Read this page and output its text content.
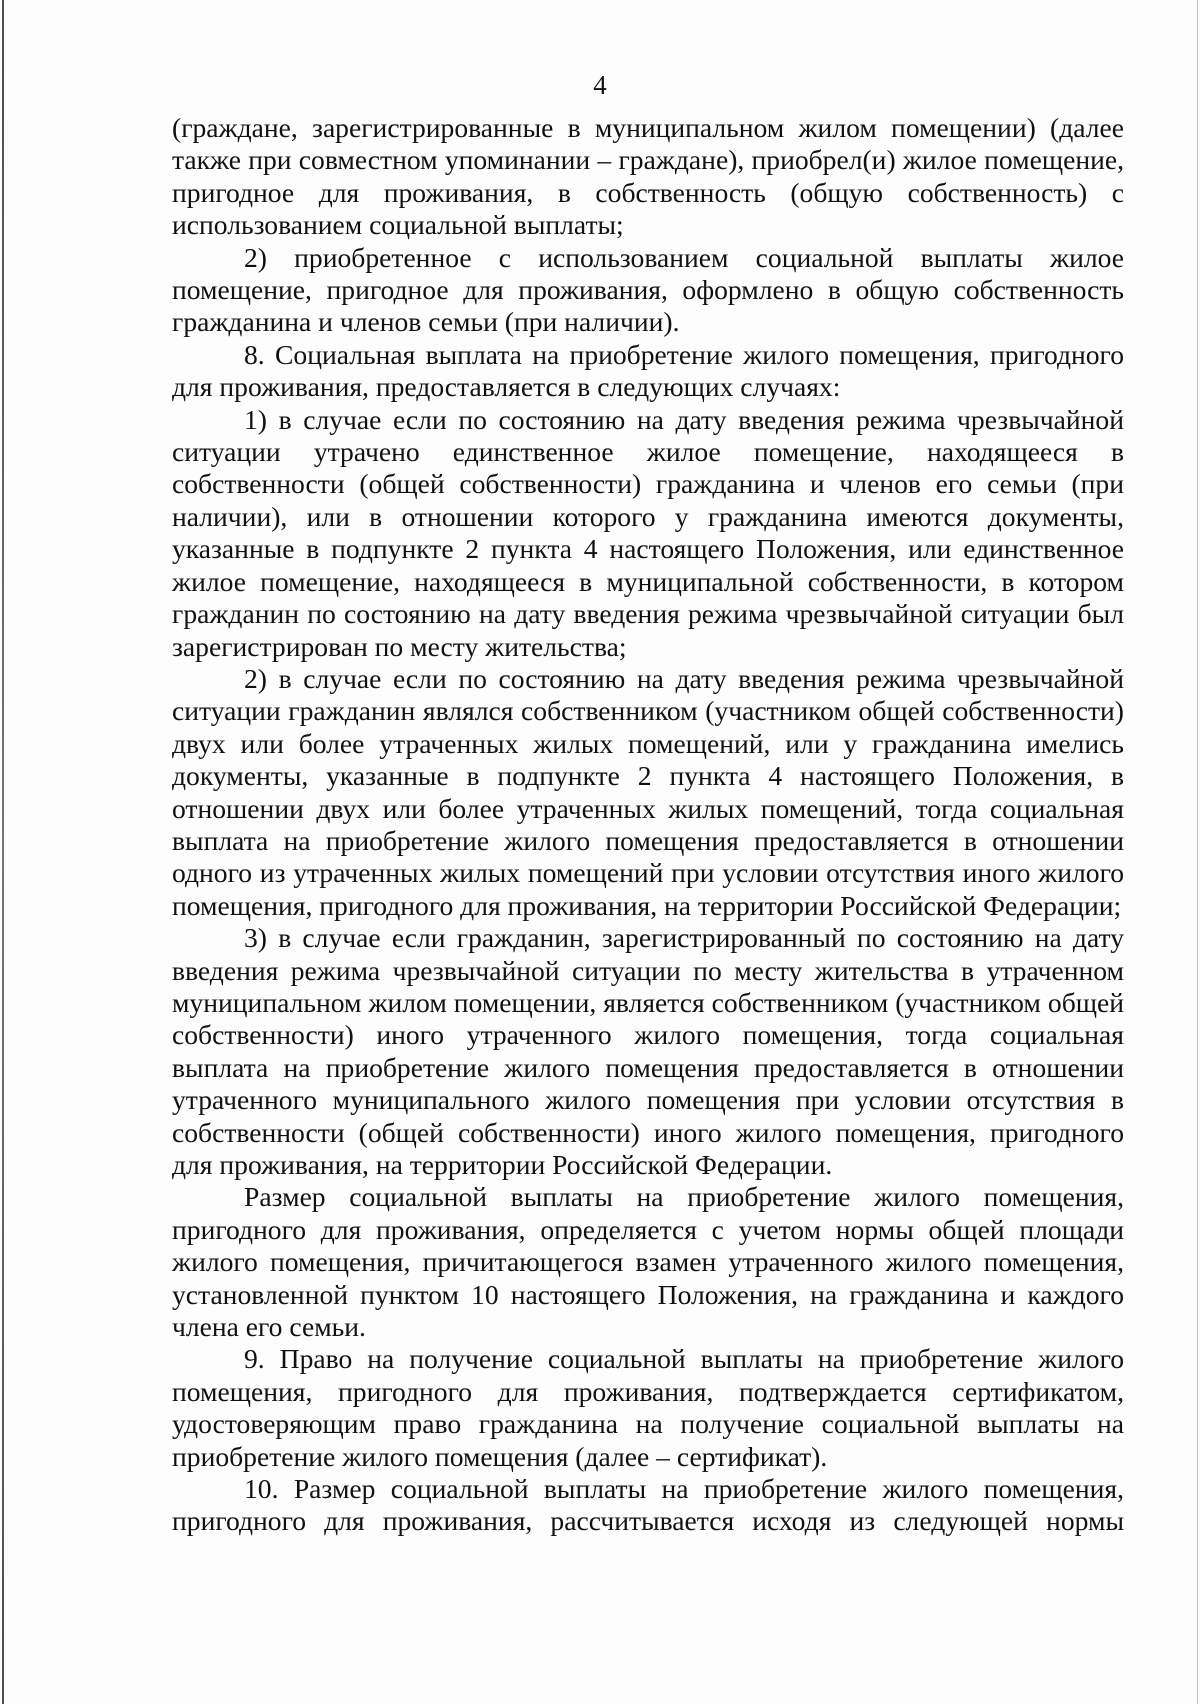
4

(граждане, зарегистрированные в муниципальном жилом помещении) (далее также при совместном упоминании – граждане), приобрел(и) жилое помещение, пригодное для проживания, в собственность (общую собственность) с использованием социальной выплаты;

2) приобретенное с использованием социальной выплаты жилое помещение, пригодное для проживания, оформлено в общую собственность гражданина и членов семьи (при наличии).

8. Социальная выплата на приобретение жилого помещения, пригодного для проживания, предоставляется в следующих случаях:

1) в случае если по состоянию на дату введения режима чрезвычайной ситуации утрачено единственное жилое помещение, находящееся в собственности (общей собственности) гражданина и членов его семьи (при наличии), или в отношении которого у гражданина имеются документы, указанные в подпункте 2 пункта 4 настоящего Положения, или единственное жилое помещение, находящееся в муниципальной собственности, в котором гражданин по состоянию на дату введения режима чрезвычайной ситуации был зарегистрирован по месту жительства;

2) в случае если по состоянию на дату введения режима чрезвычайной ситуации гражданин являлся собственником (участником общей собственности) двух или более утраченных жилых помещений, или у гражданина имелись документы, указанные в подпункте 2 пункта 4 настоящего Положения, в отношении двух или более утраченных жилых помещений, тогда социальная выплата на приобретение жилого помещения предоставляется в отношении одного из утраченных жилых помещений при условии отсутствия иного жилого помещения, пригодного для проживания, на территории Российской Федерации;

3) в случае если гражданин, зарегистрированный по состоянию на дату введения режима чрезвычайной ситуации по месту жительства в утраченном муниципальном жилом помещении, является собственником (участником общей собственности) иного утраченного жилого помещения, тогда социальная выплата на приобретение жилого помещения предоставляется в отношении утраченного муниципального жилого помещения при условии отсутствия в собственности (общей собственности) иного жилого помещения, пригодного для проживания, на территории Российской Федерации.

Размер социальной выплаты на приобретение жилого помещения, пригодного для проживания, определяется с учетом нормы общей площади жилого помещения, причитающегося взамен утраченного жилого помещения, установленной пунктом 10 настоящего Положения, на гражданина и каждого члена его семьи.

9. Право на получение социальной выплаты на приобретение жилого помещения, пригодного для проживания, подтверждается сертификатом, удостоверяющим право гражданина на получение социальной выплаты на приобретение жилого помещения (далее – сертификат).

10. Размер социальной выплаты на приобретение жилого помещения, пригодного для проживания, рассчитывается исходя из следующей нормы
